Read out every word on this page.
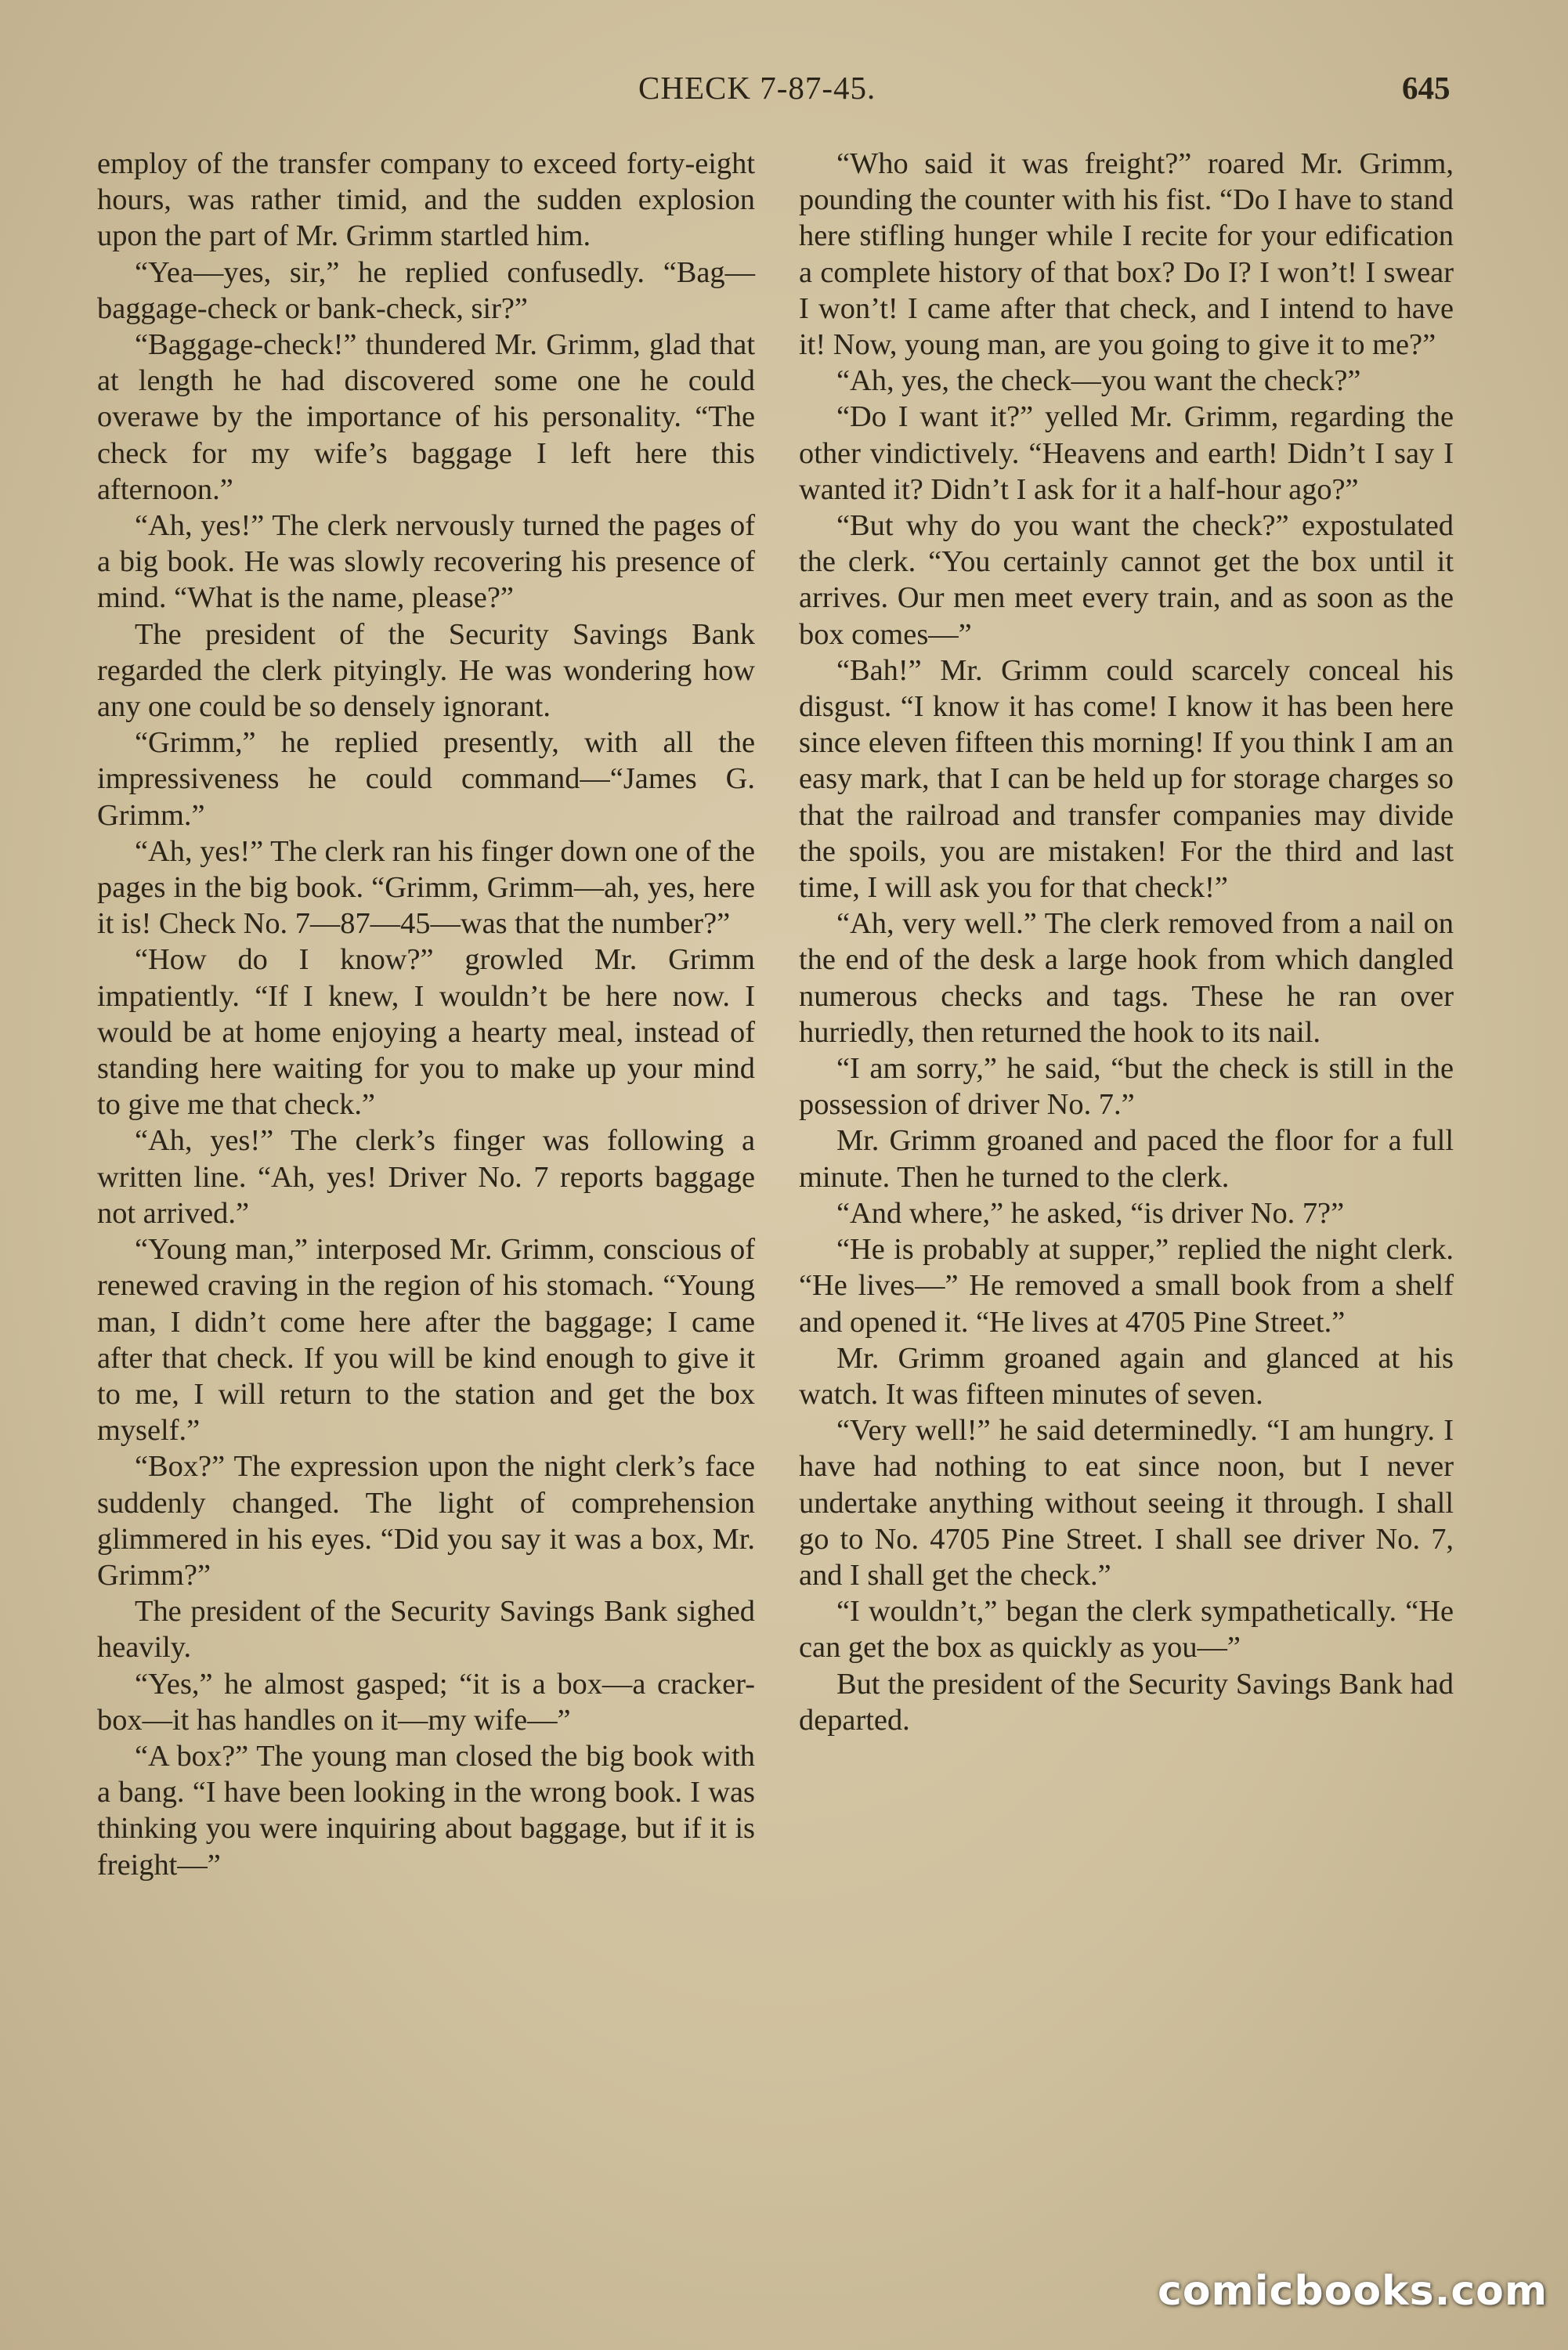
CHECK 7-87-45.	645

employ of the transfer company to exceed forty-eight hours, was rather timid, and the sudden explosion upon the part of Mr. Grimm startled him.

“Yea—yes, sir,” he replied confusedly. “Bag—baggage-check or bank-check, sir?”

“Baggage-check!” thundered Mr. Grimm, glad that at length he had discovered some one he could overawe by the importance of his personality. “The check for my wife’s baggage I left here this afternoon.”

“Ah, yes!” The clerk nervously turned the pages of a big book. He was slowly recovering his presence of mind. “What is the name, please?”

The president of the Security Savings Bank regarded the clerk pityingly. He was wondering how any one could be so densely ignorant.

“Grimm,” he replied presently, with all the impressiveness he could command—“James G. Grimm.”

“Ah, yes!” The clerk ran his finger down one of the pages in the big book. “Grimm, Grimm—ah, yes, here it is! Check No. 7—87—45—was that the number?”

“How do I know?” growled Mr. Grimm impatiently. “If I knew, I wouldn’t be here now. I would be at home enjoying a hearty meal, instead of standing here waiting for you to make up your mind to give me that check.”

“Ah, yes!” The clerk’s finger was following a written line. “Ah, yes! Driver No. 7 reports baggage not arrived.”

“Young man,” interposed Mr. Grimm, conscious of renewed craving in the region of his stomach. “Young man, I didn’t come here after the baggage; I came after that check. If you will be kind enough to give it to me, I will return to the station and get the box myself.”

“Box?” The expression upon the night clerk’s face suddenly changed. The light of comprehension glimmered in his eyes. “Did you say it was a box, Mr. Grimm?”

The president of the Security Savings Bank sighed heavily.

“Yes,” he almost gasped; “it is a box—a cracker-box—it has handles on it—my wife—”

“A box?” The young man closed the big book with a bang. “I have been looking in the wrong book. I was thinking you were inquiring about baggage, but if it is freight—”

“Who said it was freight?” roared Mr. Grimm, pounding the counter with his fist. “Do I have to stand here stifling hunger while I recite for your edification a complete history of that box? Do I? I won’t! I swear I won’t! I came after that check, and I intend to have it! Now, young man, are you going to give it to me?”

“Ah, yes, the check—you want the check?”

“Do I want it?” yelled Mr. Grimm, regarding the other vindictively. “Heavens and earth! Didn’t I say I wanted it? Didn’t I ask for it a half-hour ago?”

“But why do you want the check?” expostulated the clerk. “You certainly cannot get the box until it arrives. Our men meet every train, and as soon as the box comes—”

“Bah!” Mr. Grimm could scarcely conceal his disgust. “I know it has come! I know it has been here since eleven fifteen this morning! If you think I am an easy mark, that I can be held up for storage charges so that the railroad and transfer companies may divide the spoils, you are mistaken! For the third and last time, I will ask you for that check!”

“Ah, very well.” The clerk removed from a nail on the end of the desk a large hook from which dangled numerous checks and tags. These he ran over hurriedly, then returned the hook to its nail.

“I am sorry,” he said, “but the check is still in the possession of driver No. 7.”

Mr. Grimm groaned and paced the floor for a full minute. Then he turned to the clerk.

“And where,” he asked, “is driver No. 7?”

“He is probably at supper,” replied the night clerk. “He lives—” He removed a small book from a shelf and opened it. “He lives at 4705 Pine Street.”

Mr. Grimm groaned again and glanced at his watch. It was fifteen minutes of seven.

“Very well!” he said determinedly. “I am hungry. I have had nothing to eat since noon, but I never undertake anything without seeing it through. I shall go to No. 4705 Pine Street. I shall see driver No. 7, and I shall get the check.”

“I wouldn’t,” began the clerk sympathetically. “He can get the box as quickly as you—”

But the president of the Security Savings Bank had departed.

comicbooks.com
